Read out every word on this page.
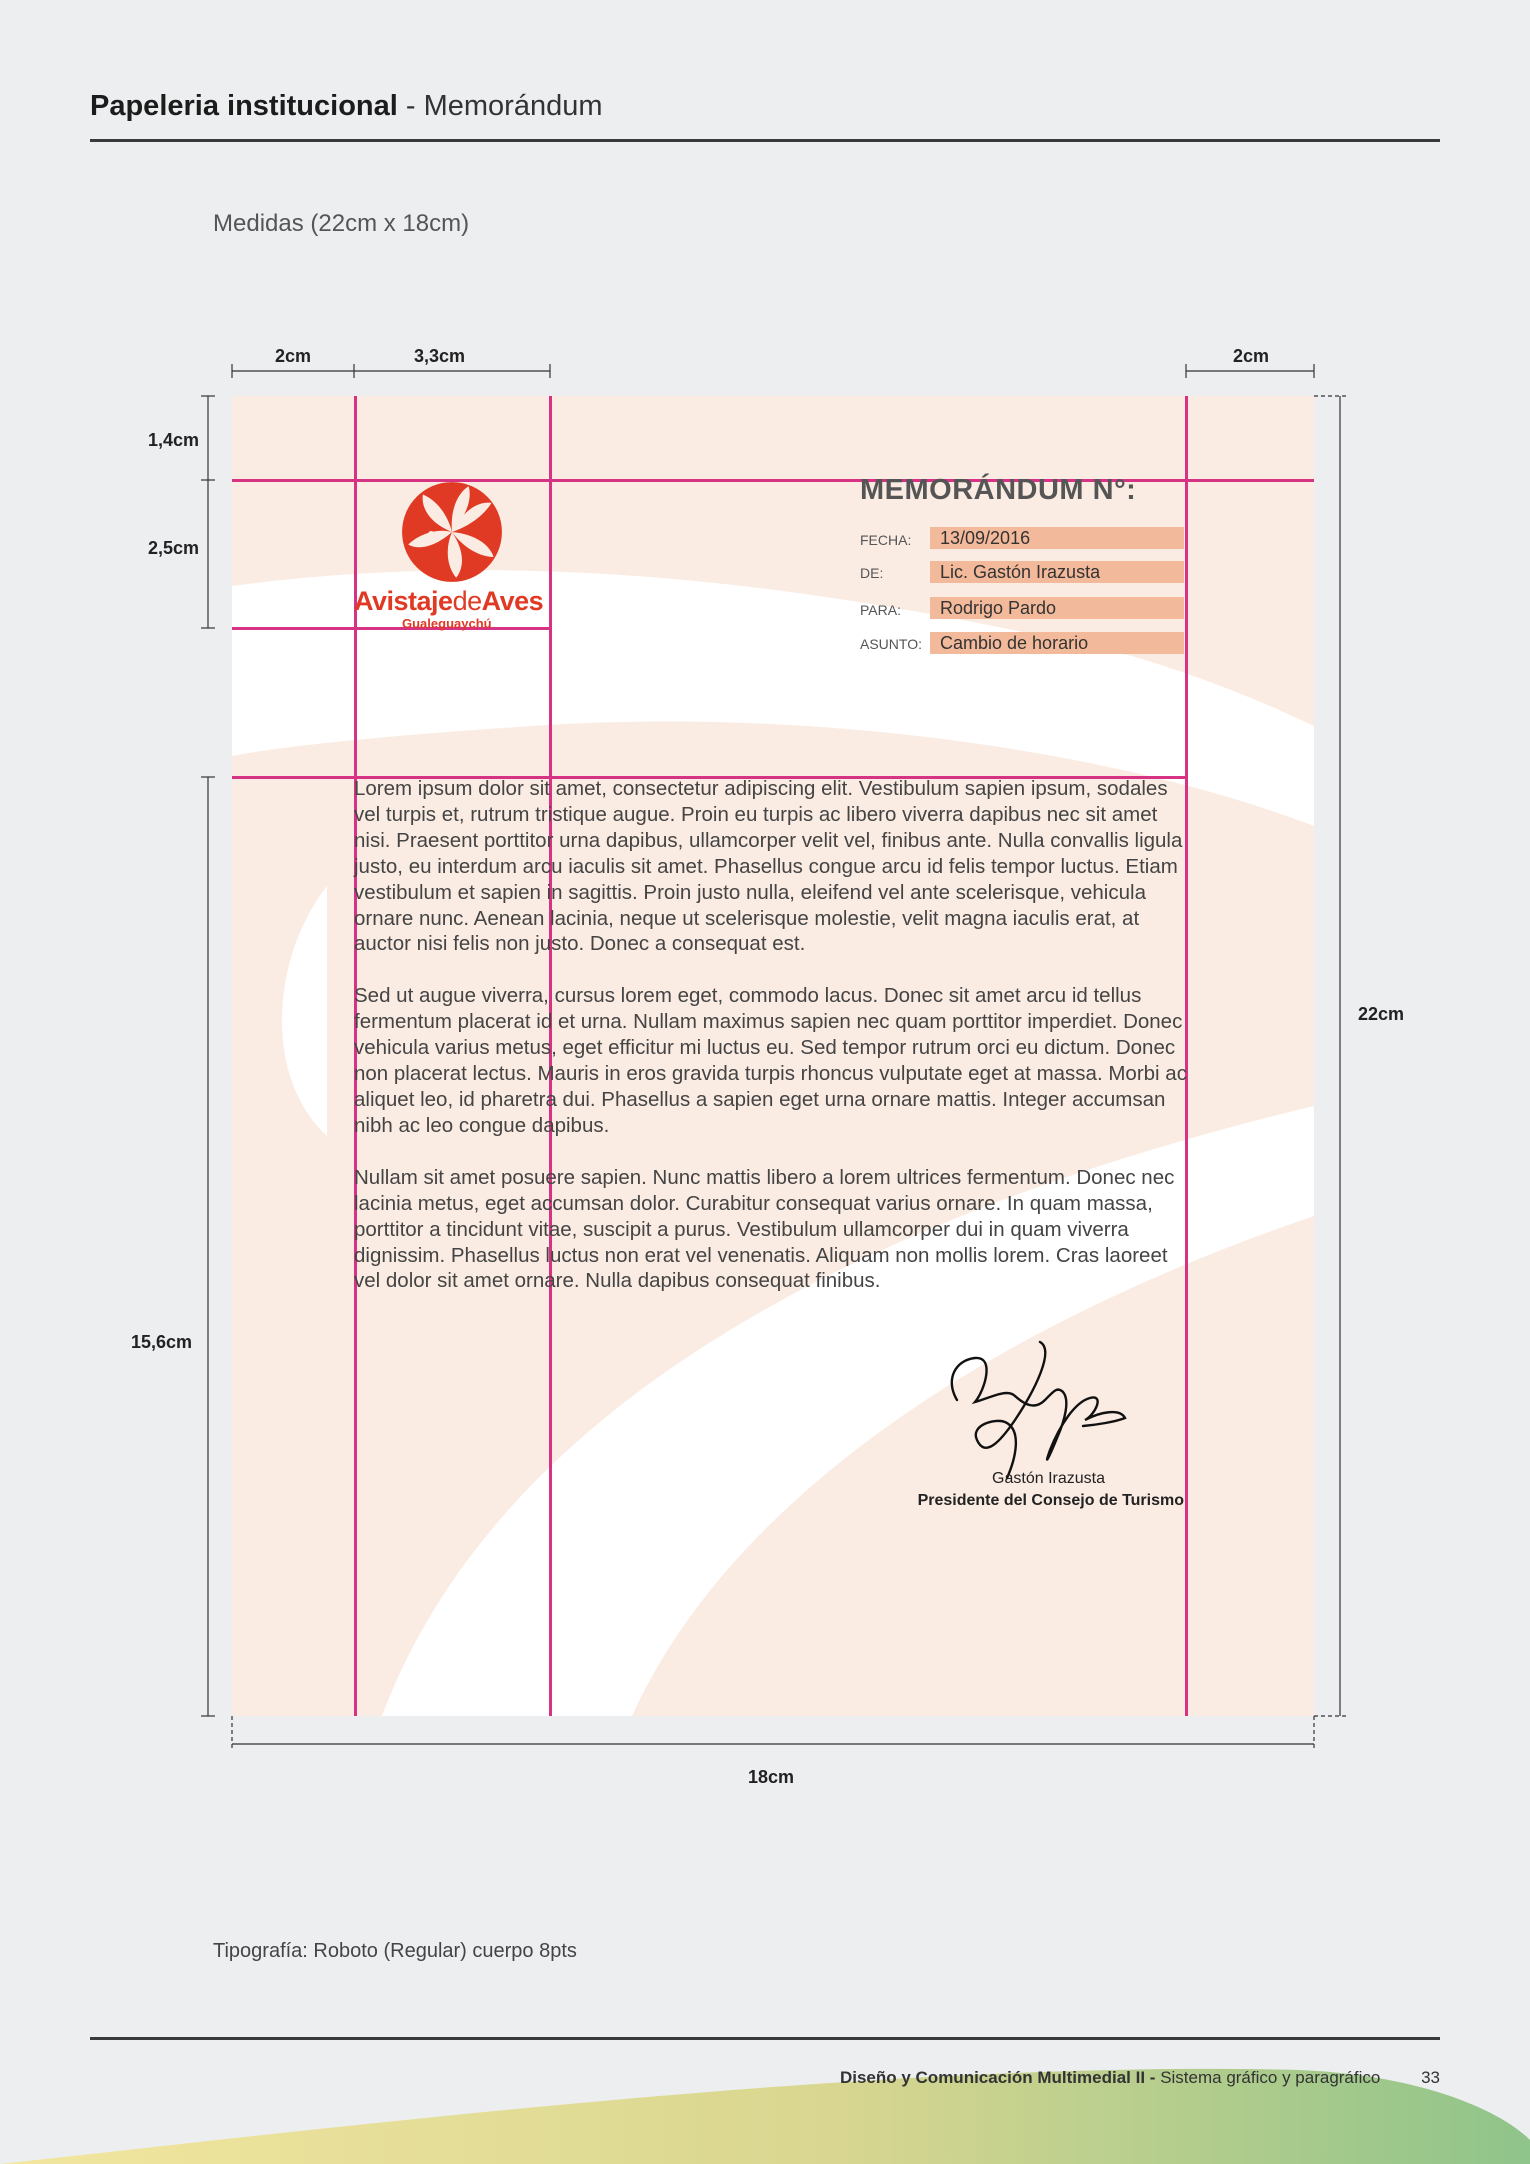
Papeleria institucional - Memorándum
Medidas (22cm x 18cm)
2cm	3,3cm	2cm
1,4cm
2,5cm
15,6cm
22cm
18cm
AvistajedeAves
Gualeguaychú
MEMORÁNDUM N°:
FECHA:	13/09/2016
DE:	Lic. Gastón Irazusta
PARA:	Rodrigo Pardo
ASUNTO:	Cambio de horario

Lorem ipsum dolor sit amet, consectetur adipiscing elit. Vestibulum sapien ipsum, sodales vel turpis et, rutrum tristique augue. Proin eu turpis ac libero viverra dapibus nec sit amet nisi. Praesent porttitor urna dapibus, ullamcorper velit vel, finibus ante. Nulla convallis ligula justo, eu interdum arcu iaculis sit amet. Phasellus congue arcu id felis tempor luctus. Etiam vestibulum et sapien in sagittis. Proin justo nulla, eleifend vel ante scelerisque, vehicula ornare nunc. Aenean lacinia, neque ut scelerisque molestie, velit magna iaculis erat, at auctor nisi felis non justo. Donec a consequat est.

Sed ut augue viverra, cursus lorem eget, commodo lacus. Donec sit amet arcu id tellus fermentum placerat id et urna. Nullam maximus sapien nec quam porttitor imperdiet. Donec vehicula varius metus, eget efficitur mi luctus eu. Sed tempor rutrum orci eu dictum. Donec non placerat lectus. Mauris in eros gravida turpis rhoncus vulputate eget at massa. Morbi ac aliquet leo, id pharetra dui. Phasellus a sapien eget urna ornare mattis. Integer accumsan nibh ac leo congue dapibus.

Nullam sit amet posuere sapien. Nunc mattis libero a lorem ultrices fermentum. Donec nec lacinia metus, eget accumsan dolor. Curabitur consequat varius ornare. In quam massa, porttitor a tincidunt vitae, suscipit a purus. Vestibulum ullamcorper dui in quam viverra dignissim. Phasellus luctus non erat vel venenatis. Aliquam non mollis lorem. Cras laoreet vel dolor sit amet ornare. Nulla dapibus consequat finibus.

Gastón Irazusta
Presidente del Consejo de Turismo
Tipografía: Roboto (Regular) cuerpo 8pts
Diseño y Comunicación Multimedial II - Sistema gráfico y paragráfico 33
